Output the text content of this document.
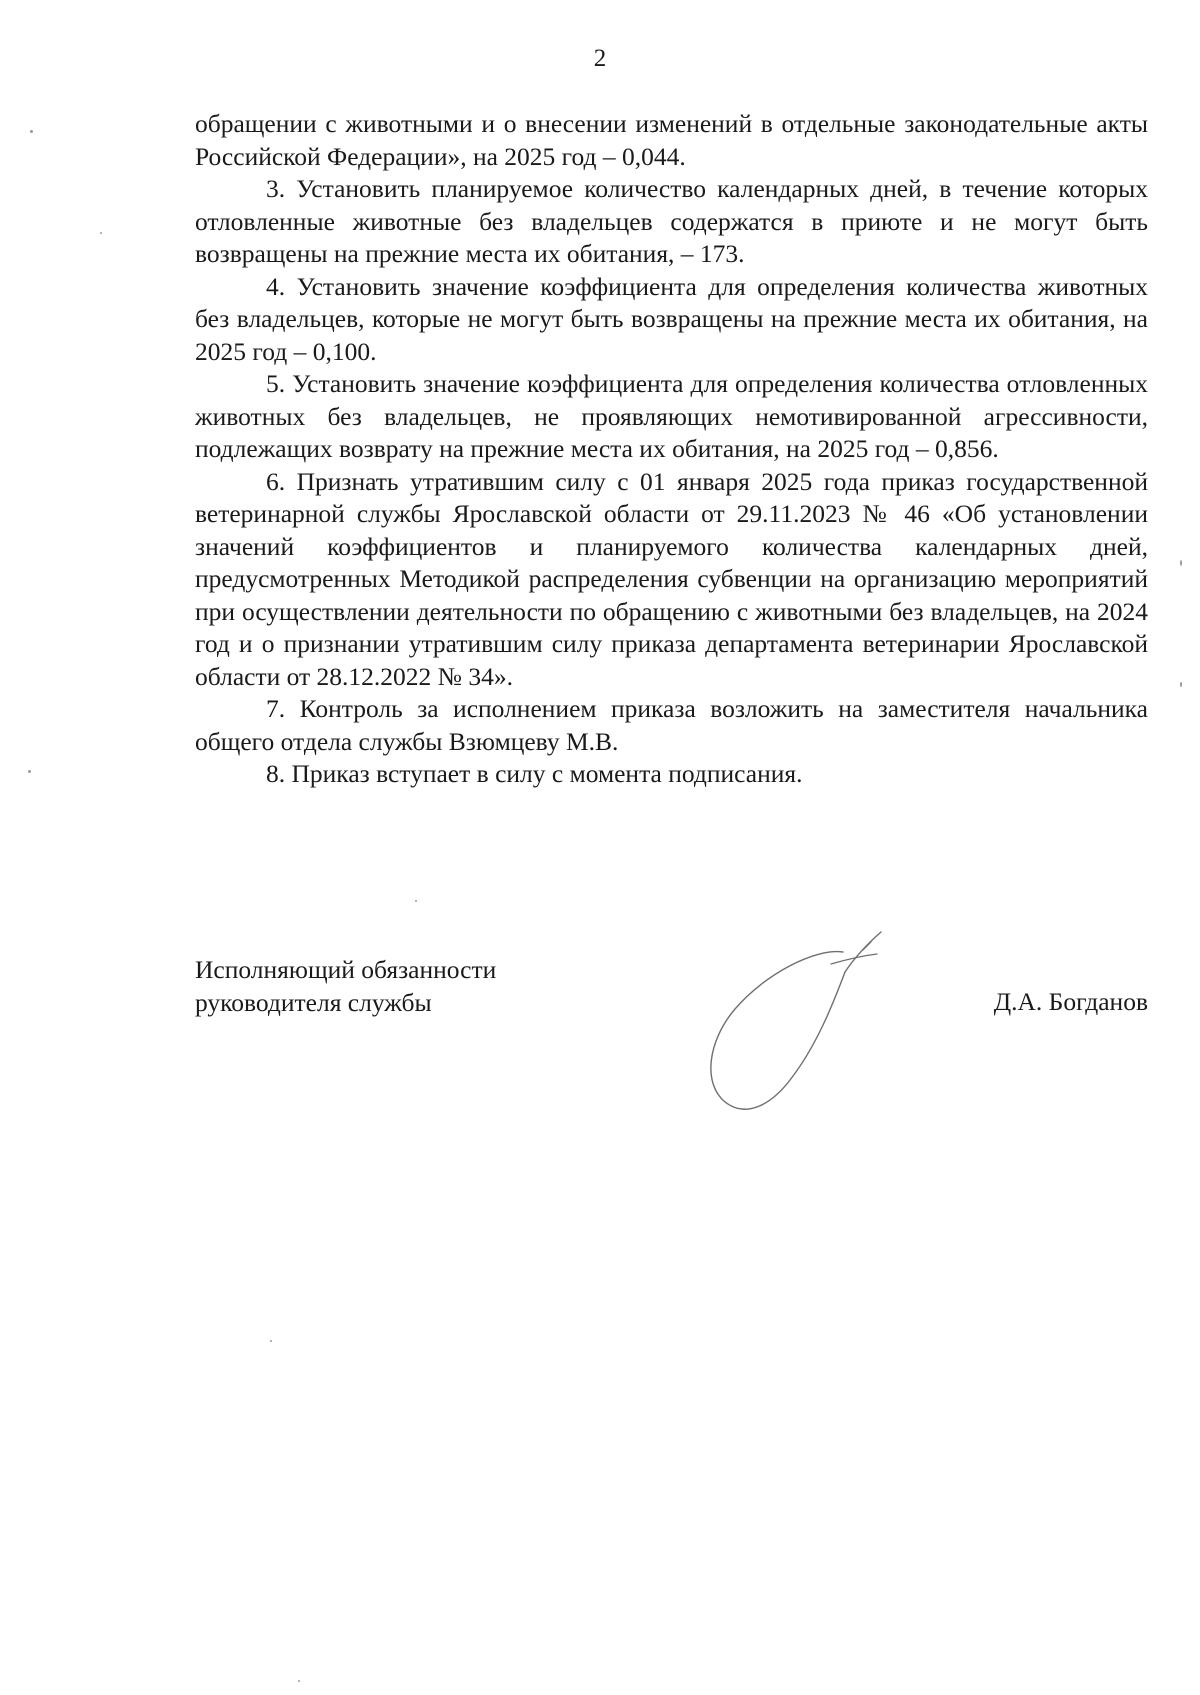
2

обращении с животными и о внесении изменений в отдельные законодательные акты Российской Федерации», на 2025 год – 0,044.

3. Установить планируемое количество календарных дней, в течение которых отловленные животные без владельцев содержатся в приюте и не могут быть возвращены на прежние места их обитания, – 173.

4. Установить значение коэффициента для определения количества животных без владельцев, которые не могут быть возвращены на прежние места их обитания, на 2025 год – 0,100.

5. Установить значение коэффициента для определения количества отловленных животных без владельцев, не проявляющих немотивированной агрессивности, подлежащих возврату на прежние места их обитания, на 2025 год – 0,856.

6. Признать утратившим силу с 01 января 2025 года приказ государственной ветеринарной службы Ярославской области от 29.11.2023 № 46 «Об установлении значений коэффициентов и планируемого количества календарных дней, предусмотренных Методикой распределения субвенции на организацию мероприятий при осуществлении деятельности по обращению с животными без владельцев, на 2024 год и о признании утратившим силу приказа департамента ветеринарии Ярославской области от 28.12.2022 № 34».

7. Контроль за исполнением приказа возложить на заместителя начальника общего отдела службы Взюмцеву М.В.

8. Приказ вступает в силу с момента подписания.

Исполняющий обязанности
руководителя службы	Д.А. Богданов
